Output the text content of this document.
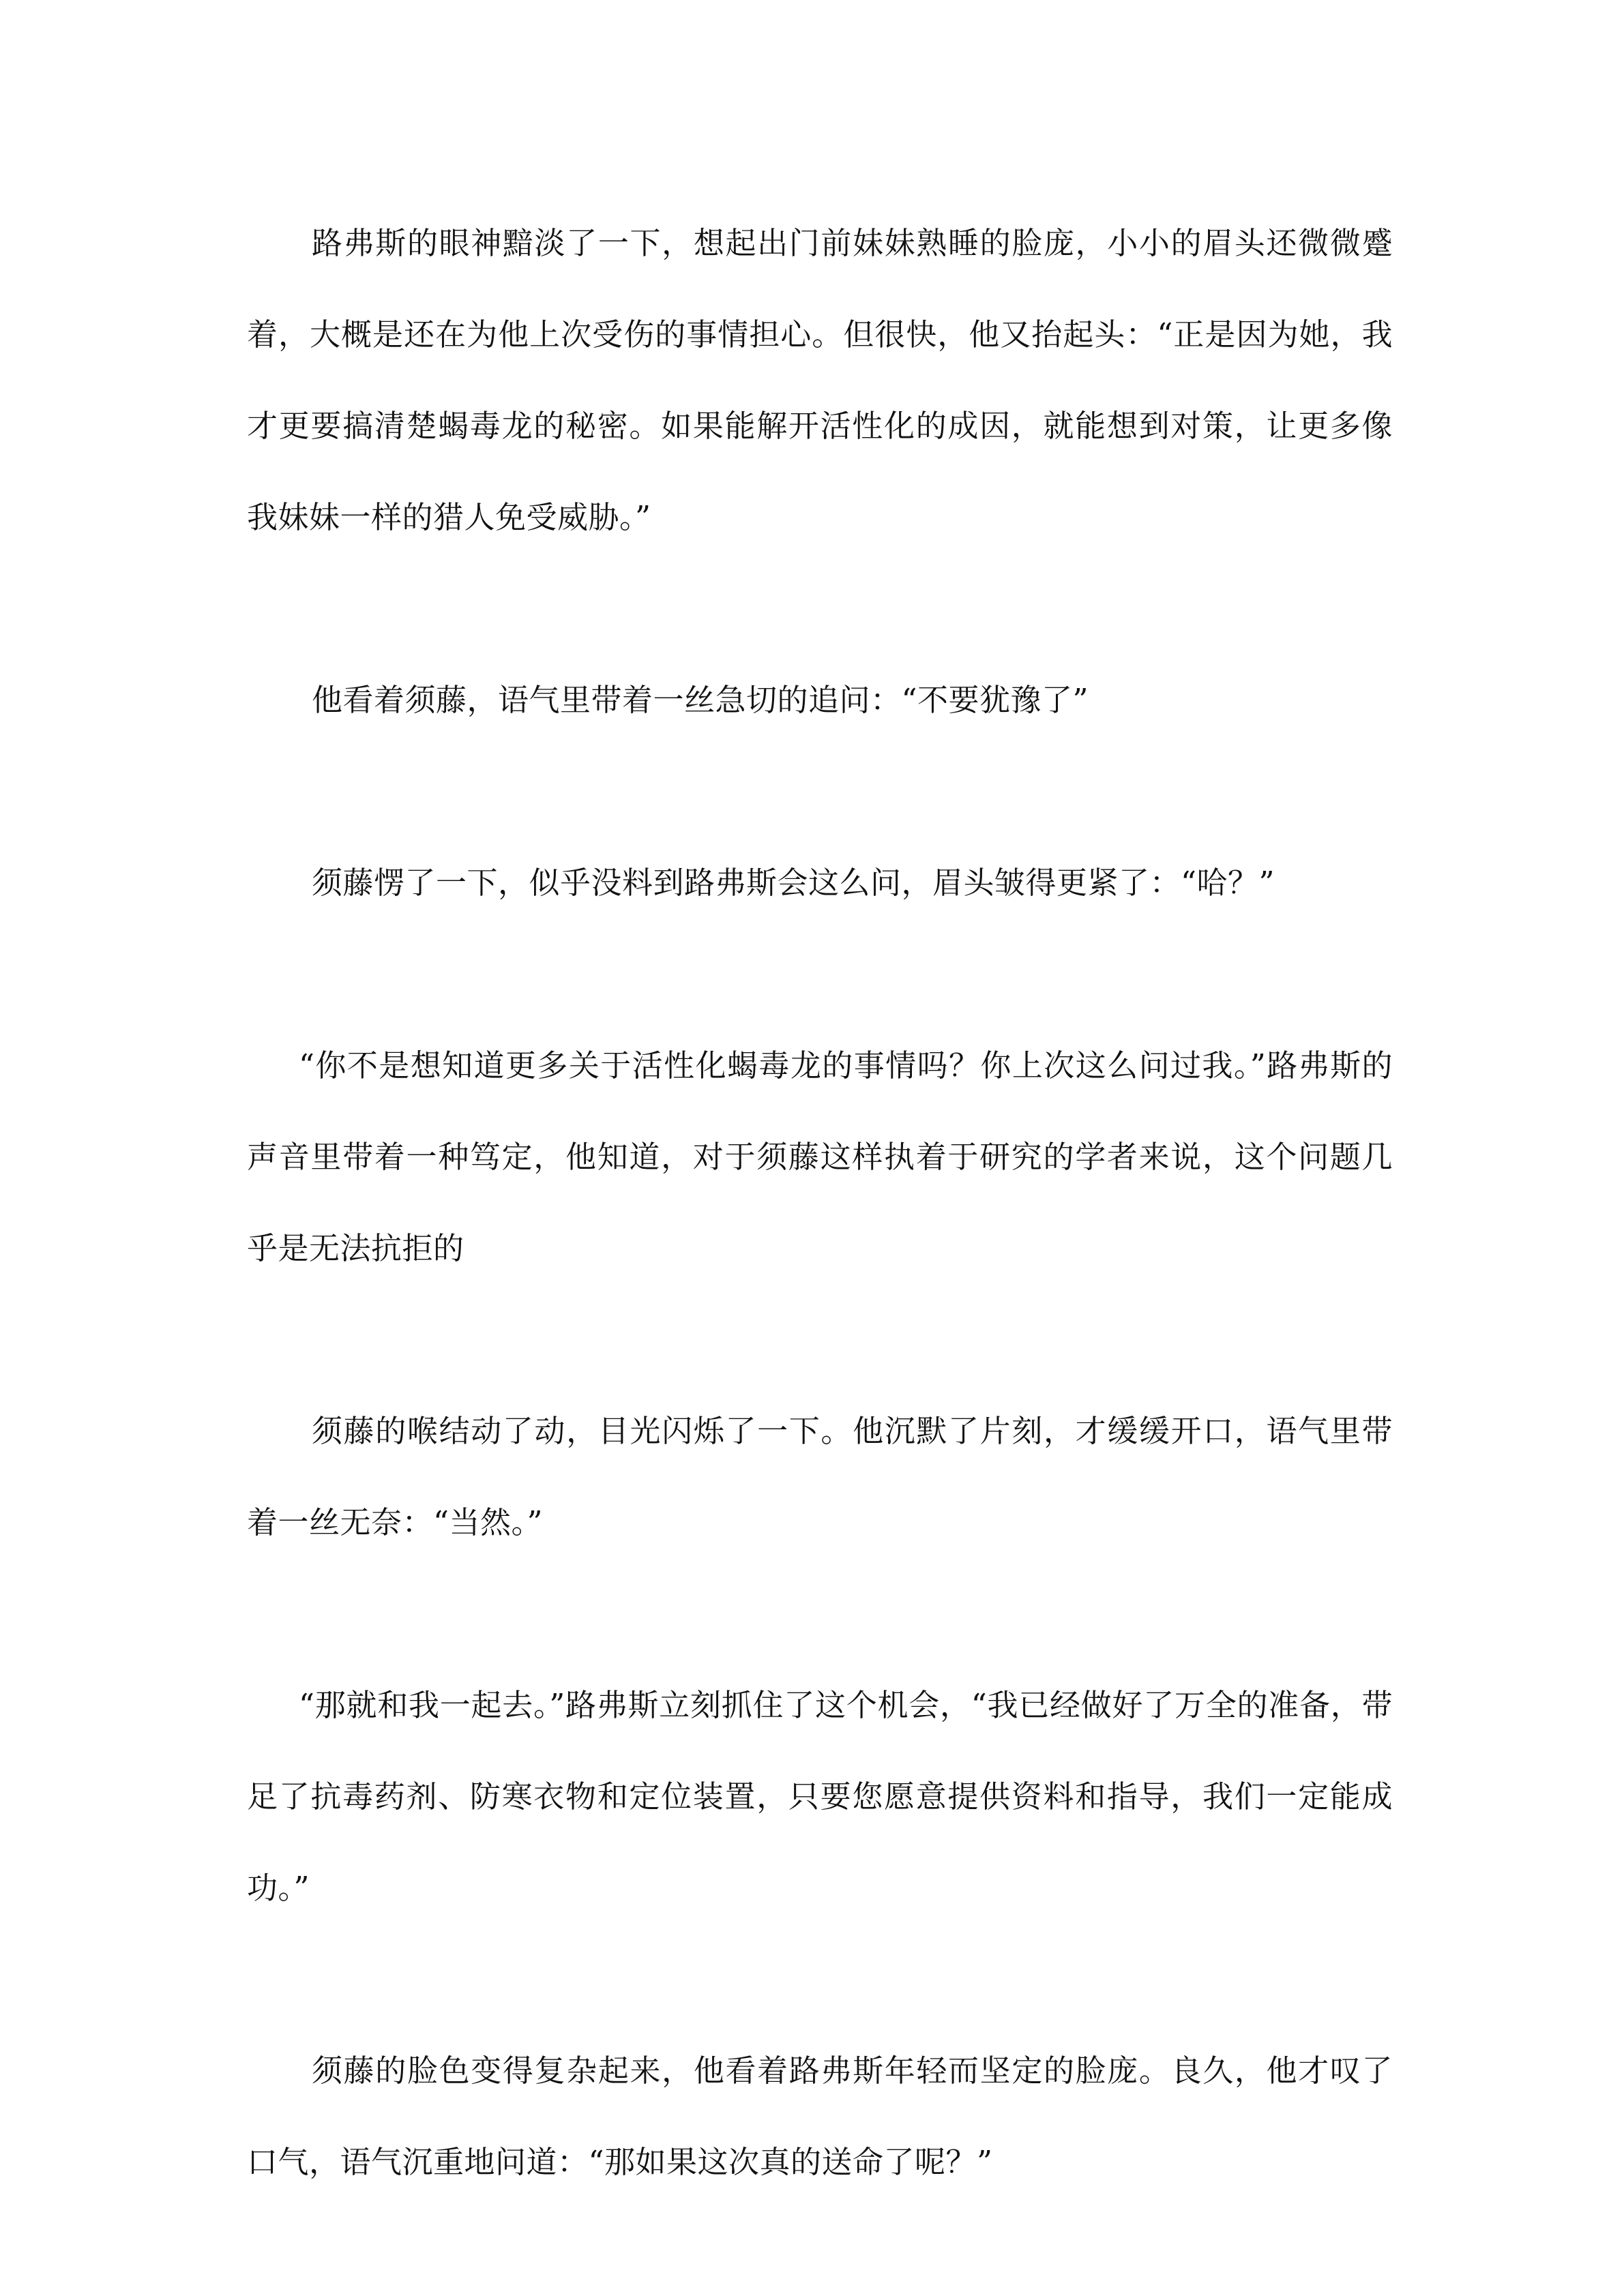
路弗斯的眼神黯淡了一下，想起出门前妹妹熟睡的脸庞，小小的眉头还微微蹙着，大概是还在为他上次受伤的事情担心。但很快，他又抬起头：“正是因为她，我才更要搞清楚蝎毒龙的秘密。如果能解开活性化的成因，就能想到对策，让更多像我妹妹一样的猎人免受威胁。”

他看着须藤，语气里带着一丝急切的追问：“不要犹豫了”

须藤愣了一下，似乎没料到路弗斯会这么问，眉头皱得更紧了：“哈？”

“你不是想知道更多关于活性化蝎毒龙的事情吗？你上次这么问过我。”路弗斯的声音里带着一种笃定，他知道，对于须藤这样执着于研究的学者来说，这个问题几乎是无法抗拒的

须藤的喉结动了动，目光闪烁了一下。他沉默了片刻，才缓缓开口，语气里带着一丝无奈：“当然。”

“那就和我一起去。”路弗斯立刻抓住了这个机会，“我已经做好了万全的准备，带足了抗毒药剂、防寒衣物和定位装置，只要您愿意提供资料和指导，我们一定能成功。”

须藤的脸色变得复杂起来，他看着路弗斯年轻而坚定的脸庞。良久，他才叹了口气，语气沉重地问道：“那如果这次真的送命了呢？”
